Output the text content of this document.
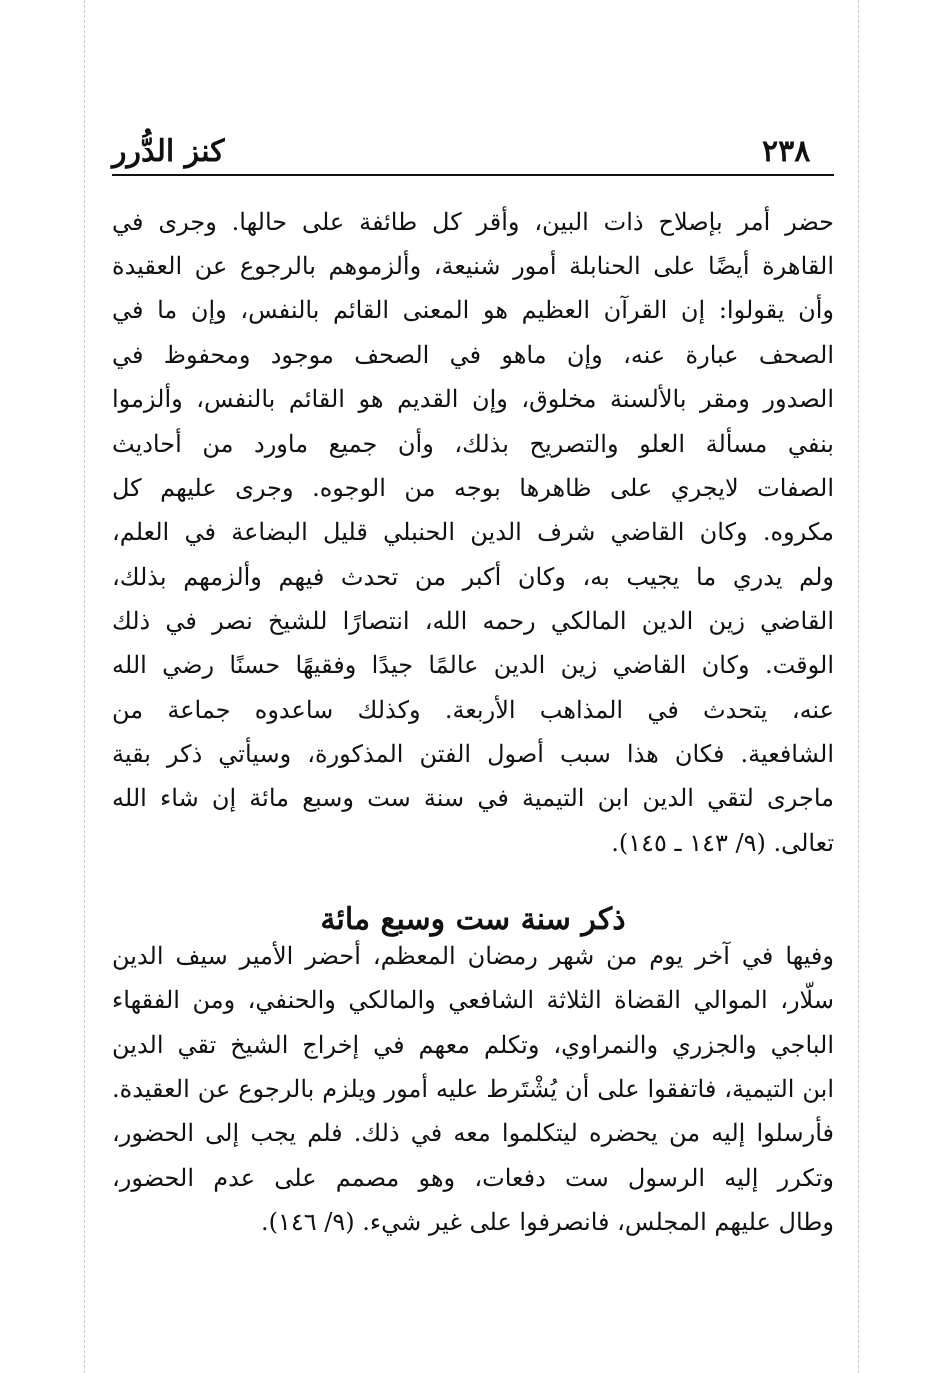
٢٣٨
كنز الدُّرر
حضر أمر بإصلاح ذات البين، وأقر كل طائفة على حالها. وجرى في
القاهرة أيضًا على الحنابلة أمور شنيعة، وألزموهم بالرجوع عن العقيدة
وأن يقولوا: إن القرآن العظيم هو المعنى القائم بالنفس، وإن ما في
الصحف عبارة عنه، وإن ماهو في الصحف موجود ومحفوظ في
الصدور ومقر بالألسنة مخلوق، وإن القديم هو القائم بالنفس، وألزموا
بنفي مسألة العلو والتصريح بذلك، وأن جميع ماورد من أحاديث
الصفات لايجري على ظاهرها بوجه من الوجوه. وجرى عليهم كل
مكروه. وكان القاضي شرف الدين الحنبلي قليل البضاعة في العلم،
ولم يدري ما يجيب به، وكان أكبر من تحدث فيهم وألزمهم بذلك،
القاضي زين الدين المالكي رحمه الله، انتصارًا للشيخ نصر في ذلك
الوقت. وكان القاضي زين الدين عالمًا جيدًا وفقيهًا حسنًا رضي الله
عنه، يتحدث في المذاهب الأربعة. وكذلك ساعدوه جماعة من
الشافعية. فكان هذا سبب أصول الفتن المذكورة، وسيأتي ذكر بقية
ماجرى لتقي الدين ابن التيمية في سنة ست وسبع مائة إن شاء الله
تعالى. (٩/ ١٤٣ ـ ١٤٥).
ذكر سنة ست وسبع مائة
وفيها في آخر يوم من شهر رمضان المعظم، أحضر الأمير سيف الدين
سلّار، الموالي القضاة الثلاثة الشافعي والمالكي والحنفي، ومن الفقهاء
الباجي والجزري والنمراوي، وتكلم معهم في إخراج الشيخ تقي الدين
ابن التيمية، فاتفقوا على أن يُشْتَرط عليه أمور ويلزم بالرجوع عن العقيدة.
فأرسلوا إليه من يحضره ليتكلموا معه في ذلك. فلم يجب إلى الحضور،
وتكرر إليه الرسول ست دفعات، وهو مصمم على عدم الحضور،
وطال عليهم المجلس، فانصرفوا على غير شيء. (٩/ ١٤٦).
